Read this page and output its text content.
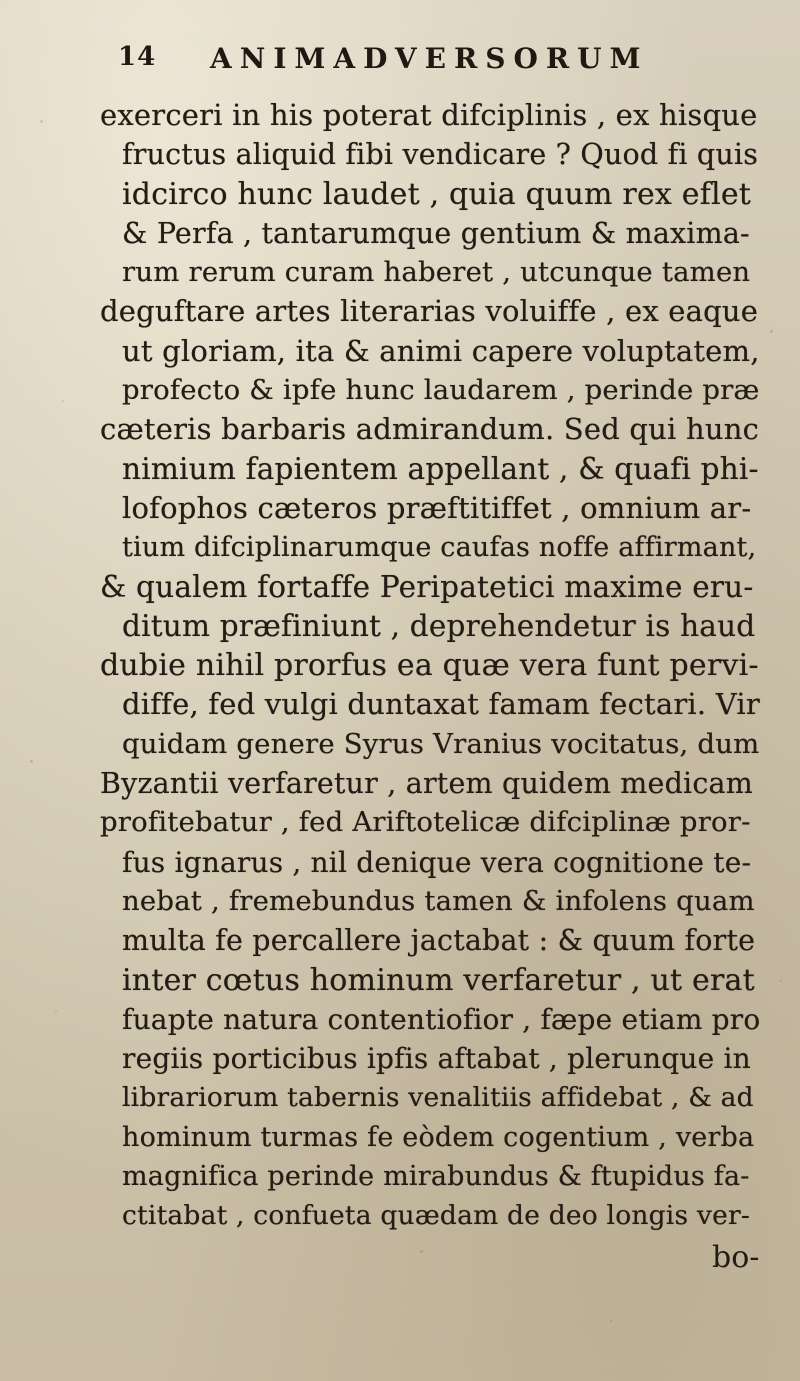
14 ANIMADVERSORUM
exerceri in his poterat difciplinis , ex hisque
fructus aliquid fibi vendicare ? Quod fi quis
idcirco hunc laudet , quia quum rex eflet
& Perfa , tantarumque gentium & maxima-
rum rerum curam haberet , utcunque tamen
deguftare artes literarias voluiffe , ex eaque
ut gloriam, ita & animi capere voluptatem,
profecto & ipfe hunc laudarem , perinde præ
cæteris barbaris admirandum. Sed qui hunc
nimium fapientem appellant , & quafi phi-
lofophos cæteros præftitiffet , omnium ar-
tium difciplinarumque caufas noffe affirmant,
& qualem fortaffe Peripatetici maxime eru-
ditum præfiniunt , deprehendetur is haud
dubie nihil prorfus ea quæ vera funt pervi-
diffe, fed vulgi duntaxat famam fectari. Vir
quidam genere Syrus Vranius vocitatus, dum
Byzantii verfaretur , artem quidem medicam
profitebatur , fed Ariftotelicæ difciplinæ pror-
fus ignarus , nil denique vera cognitione te-
nebat , fremebundus tamen & infolens quam
multa fe percallere jactabat : & quum forte
inter cœtus hominum verfaretur , ut erat
fuapte natura contentiofior , fæpe etiam pro
regiis porticibus ipfis aftabat , plerunque in
librariorum tabernis venalitiis affidebat , & ad
hominum turmas fe eòdem cogentium , verba
magnifica perinde mirabundus & ftupidus fa-
ctitabat , confueta quædam de deo longis ver-
bo-
